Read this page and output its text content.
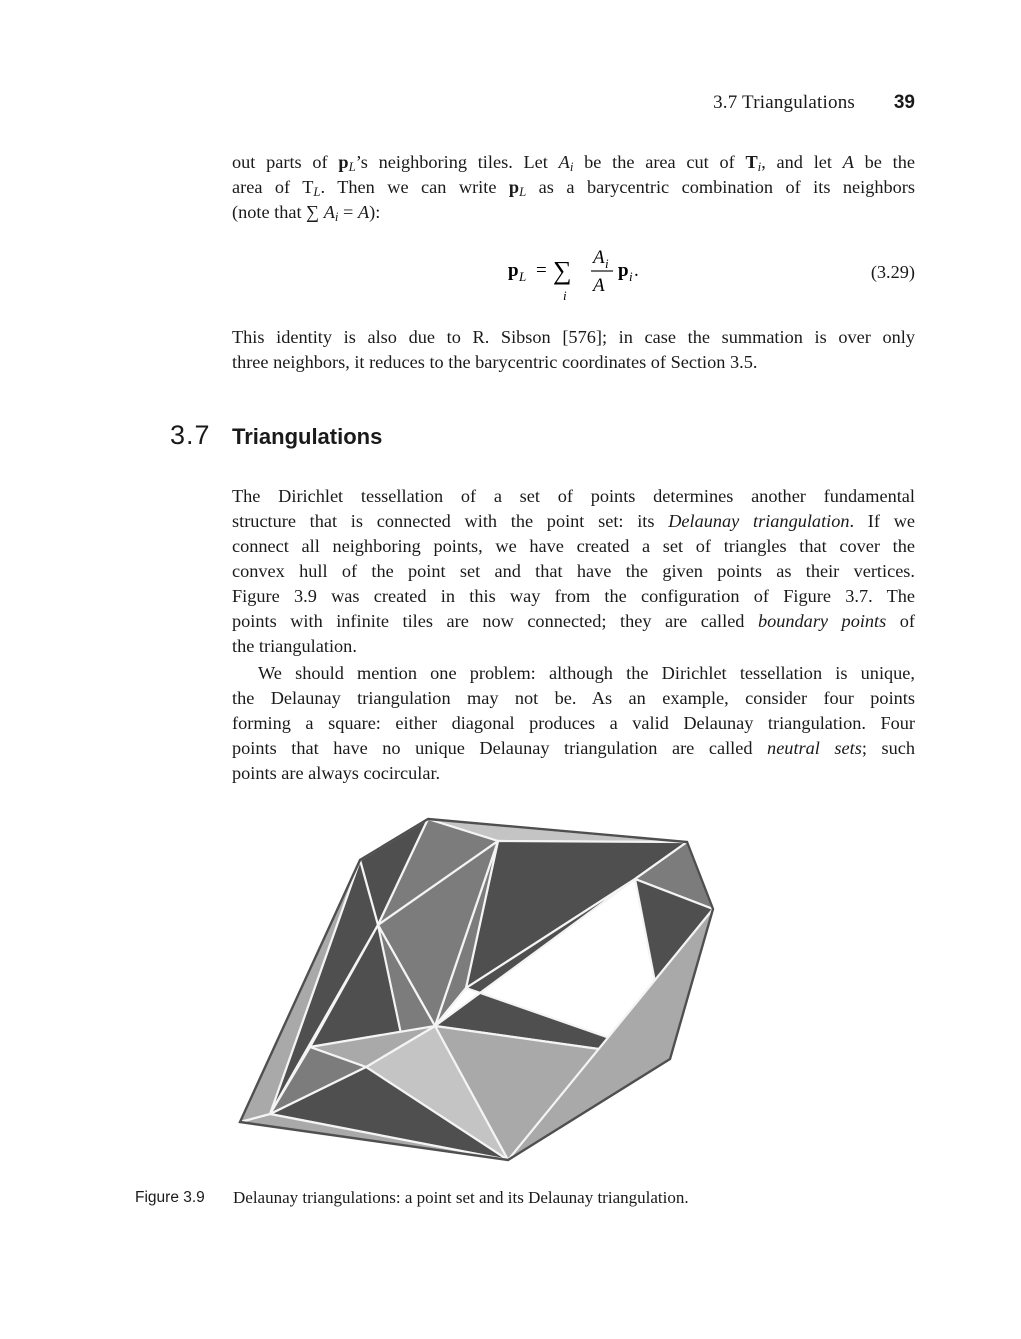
3.7 Triangulations 39
out parts of $p_L’s$ neighboring tiles. Let $A_i$ be the area cut of $T_i$, and let A be the
area of $T_L$. Then we can write $p_L$ as a barycentric combination of its neighbors
(note that ∑ $A_i = A$):
p L = ∑
i
A i
A
p i .	(3.29)
This identity is also due to R. Sibson [576]; in case the summation is over only
three neighbors, it reduces to the barycentric coordinates of Section 3.5.
3.7 Triangulations
The Dirichlet tessellation of a set of points determines another fundamental
structure that is connected with the point set: its Delaunay triangulation. If we
connect all neighboring points, we have created a set of triangles that cover the
convex hull of the point set and that have the given points as their vertices.
Figure 3.9 was created in this way from the configuration of Figure 3.7. The
points with infinite tiles are now connected; they are called boundary points of
the triangulation.
We should mention one problem: although the Dirichlet tessellation is unique,
the Delaunay triangulation may not be. As an example, consider four points
forming a square: either diagonal produces a valid Delaunay triangulation. Four
points that have no unique Delaunay triangulation are called neutral sets; such
points are always cocircular.
Figure 3.9 Delaunay triangulations: a point set and its Delaunay triangulation.
